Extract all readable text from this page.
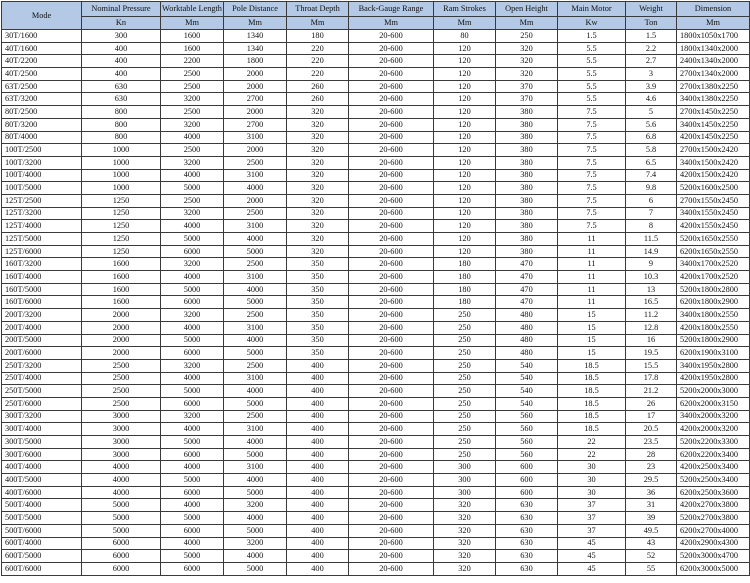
Mode	Nominal Pressure	Worktable Length	Pole Distance	Throat Depth	Back-Gauge Range	Ram Strokes	Open Height	Main Motor	Weight	Dimension
	Kn	Mm	Mm	Mm	Mm	Mm	Mm	Kw	Ton	Mm
30T/1600	300	1600	1340	180	20-600	80	250	1.5	1.5	1800x1050x1700
40T/1600	400	1600	1340	220	20-600	120	320	5.5	2.2	1800x1340x2000
40T/2200	400	2200	1800	220	20-600	120	320	5.5	2.7	2400x1340x2000
40T/2500	400	2500	2000	220	20-600	120	320	5.5	3	2700x1340x2000
63T/2500	630	2500	2000	260	20-600	120	370	5.5	3.9	2700x1380x2250
63T/3200	630	3200	2700	260	20-600	120	370	5.5	4.6	3400x1380x2250
80T/2500	800	2500	2000	320	20-600	120	380	7.5	5	2700x1450x2250
80T/3200	800	3200	2700	320	20-600	120	380	7.5	5.6	3400x1450x2250
80T/4000	800	4000	3100	320	20-600	120	380	7.5	6.8	4200x1450x2250
100T/2500	1000	2500	2000	320	20-600	120	380	7.5	5.8	2700x1500x2420
100T/3200	1000	3200	2500	320	20-600	120	380	7.5	6.5	3400x1500x2420
100T/4000	1000	4000	3100	320	20-600	120	380	7.5	7.4	4200x1500x2420
100T/5000	1000	5000	4000	320	20-600	120	380	7.5	9.8	5200x1600x2500
125T/2500	1250	2500	2000	320	20-600	120	380	7.5	6	2700x1550x2450
125T/3200	1250	3200	2500	320	20-600	120	380	7.5	7	3400x1550x2450
125T/4000	1250	4000	3100	320	20-600	120	380	7.5	8	4200x1550x2450
125T/5000	1250	5000	4000	320	20-600	120	380	11	11.5	5200x1650x2550
125T/6000	1250	6000	5000	320	20-600	120	380	11	14.9	6200x1650x2550
160T/3200	1600	3200	2500	350	20-600	180	470	11	9	3400x1700x2520
160T/4000	1600	4000	3100	350	20-600	180	470	11	10.3	4200x1700x2520
160T/5000	1600	5000	4000	350	20-600	180	470	11	13	5200x1800x2800
160T/6000	1600	6000	5000	350	20-600	180	470	11	16.5	6200x1800x2900
200T/3200	2000	3200	2500	350	20-600	250	480	15	11.2	3400x1800x2550
200T/4000	2000	4000	3100	350	20-600	250	480	15	12.8	4200x1800x2550
200T/5000	2000	5000	4000	350	20-600	250	480	15	16	5200x1800x2900
200T/6000	2000	6000	5000	350	20-600	250	480	15	19.5	6200x1900x3100
250T/3200	2500	3200	2500	400	20-600	250	540	18.5	15.5	3400x1950x2800
250T/4000	2500	4000	3100	400	20-600	250	540	18.5	17.8	4200x1950x2800
250T/5000	2500	5000	4000	400	20-600	250	540	18.5	21.2	5200x2000x3000
250T/6000	2500	6000	5000	400	20-600	250	540	18.5	26	6200x2000x3150
300T/3200	3000	3200	2500	400	20-600	250	560	18.5	17	3400x2000x3200
300T/4000	3000	4000	3100	400	20-600	250	560	18.5	20.5	4200x2000x3200
300T/5000	3000	5000	4000	400	20-600	250	560	22	23.5	5200x2200x3300
300T/6000	3000	6000	5000	400	20-600	250	560	22	28	6200x2200x3400
400T/4000	4000	4000	3100	400	20-600	300	600	30	23	4200x2500x3400
400T/5000	4000	5000	4000	400	20-600	300	600	30	29.5	5200x2500x3400
400T/6000	4000	6000	5000	400	20-600	300	600	30	36	6200x2500x3600
500T/4000	5000	4000	3200	400	20-600	320	630	37	31	4200x2700x3800
500T/5000	5000	5000	4000	400	20-600	320	630	37	39	5200x2700x3800
500T/6000	5000	6000	5000	400	20-600	320	630	37	49.5	6200x2700x4000
600T/4000	6000	4000	3200	400	20-600	320	630	45	43	4200x2900x4300
600T/5000	6000	5000	4000	400	20-600	320	630	45	52	5200x3000x4700
600T/6000	6000	6000	5000	400	20-600	320	630	45	55	6200x3000x5000
